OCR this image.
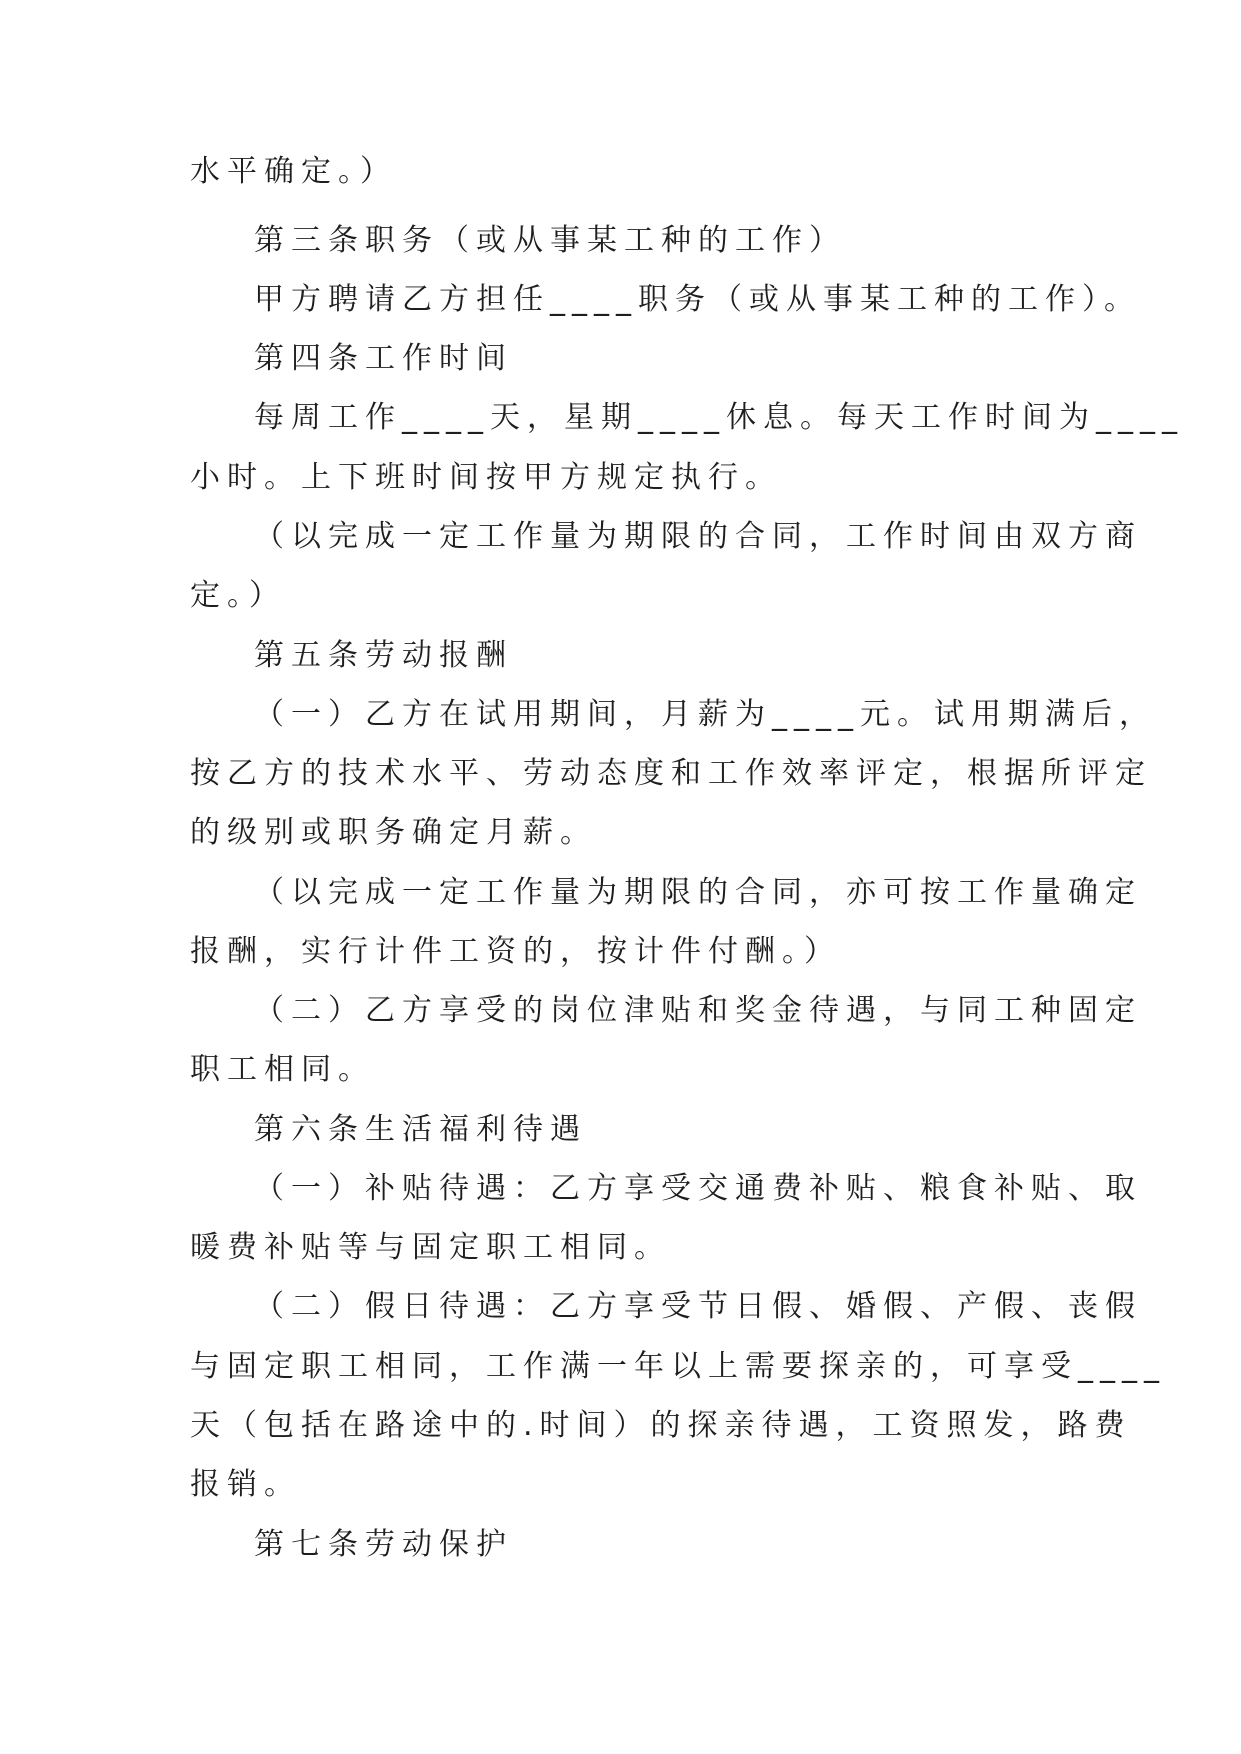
水平确定。）

第三条职务（或从事某工种的工作）

甲方聘请乙方担任____职务（或从事某工种的工作）。

第四条工作时间

每周工作____天，星期____休息。每天工作时间为____

小时。上下班时间按甲方规定执行。

（以完成一定工作量为期限的合同，工作时间由双方商

定。）

第五条劳动报酬

（一）乙方在试用期间，月薪为____元。试用期满后，

按乙方的技术水平、劳动态度和工作效率评定，根据所评定

的级别或职务确定月薪。

（以完成一定工作量为期限的合同，亦可按工作量确定

报酬，实行计件工资的，按计件付酬。）

（二）乙方享受的岗位津贴和奖金待遇，与同工种固定

职工相同。

第六条生活福利待遇

（一）补贴待遇：乙方享受交通费补贴、粮食补贴、取

暖费补贴等与固定职工相同。

（二）假日待遇：乙方享受节日假、婚假、产假、丧假

与固定职工相同，工作满一年以上需要探亲的，可享受____

天（包括在路途中的.时间）的探亲待遇，工资照发，路费

报销。

第七条劳动保护
